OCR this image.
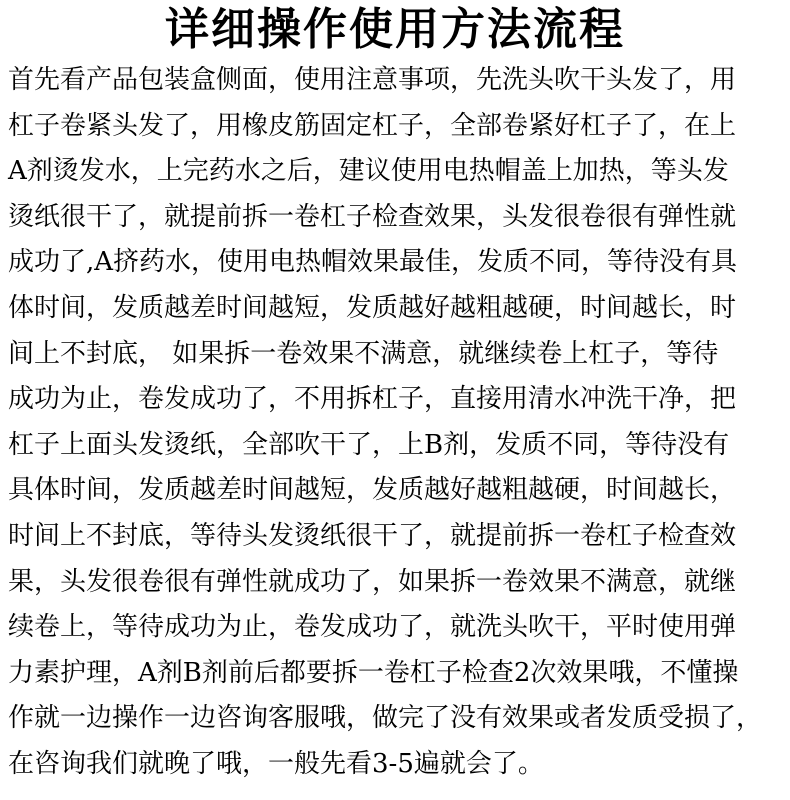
详细操作使用方法流程
首先看产品包装盒侧面，使用注意事项，先洗头吹干头发了，用
杠子卷紧头发了，用橡皮筋固定杠子，全部卷紧好杠子了，在上
A剂烫发水，上完药水之后，建议使用电热帽盖上加热，等头发
烫纸很干了，就提前拆一卷杠子检查效果，头发很卷很有弹性就
成功了,A挤药水，使用电热帽效果最佳，发质不同，等待没有具
体时间，发质越差时间越短，发质越好越粗越硬，时间越长，时
间上不封底， 如果拆一卷效果不满意，就继续卷上杠子，等待
成功为止，卷发成功了，不用拆杠子，直接用清水冲洗干净，把
杠子上面头发烫纸，全部吹干了，上B剂，发质不同，等待没有
具体时间，发质越差时间越短，发质越好越粗越硬，时间越长，
时间上不封底，等待头发烫纸很干了，就提前拆一卷杠子检查效
果，头发很卷很有弹性就成功了，如果拆一卷效果不满意，就继
续卷上，等待成功为止，卷发成功了，就洗头吹干，平时使用弹
力素护理，A剂B剂前后都要拆一卷杠子检查2次效果哦，不懂操
作就一边操作一边咨询客服哦，做完了没有效果或者发质受损了，
在咨询我们就晚了哦，一般先看3-5遍就会了。
